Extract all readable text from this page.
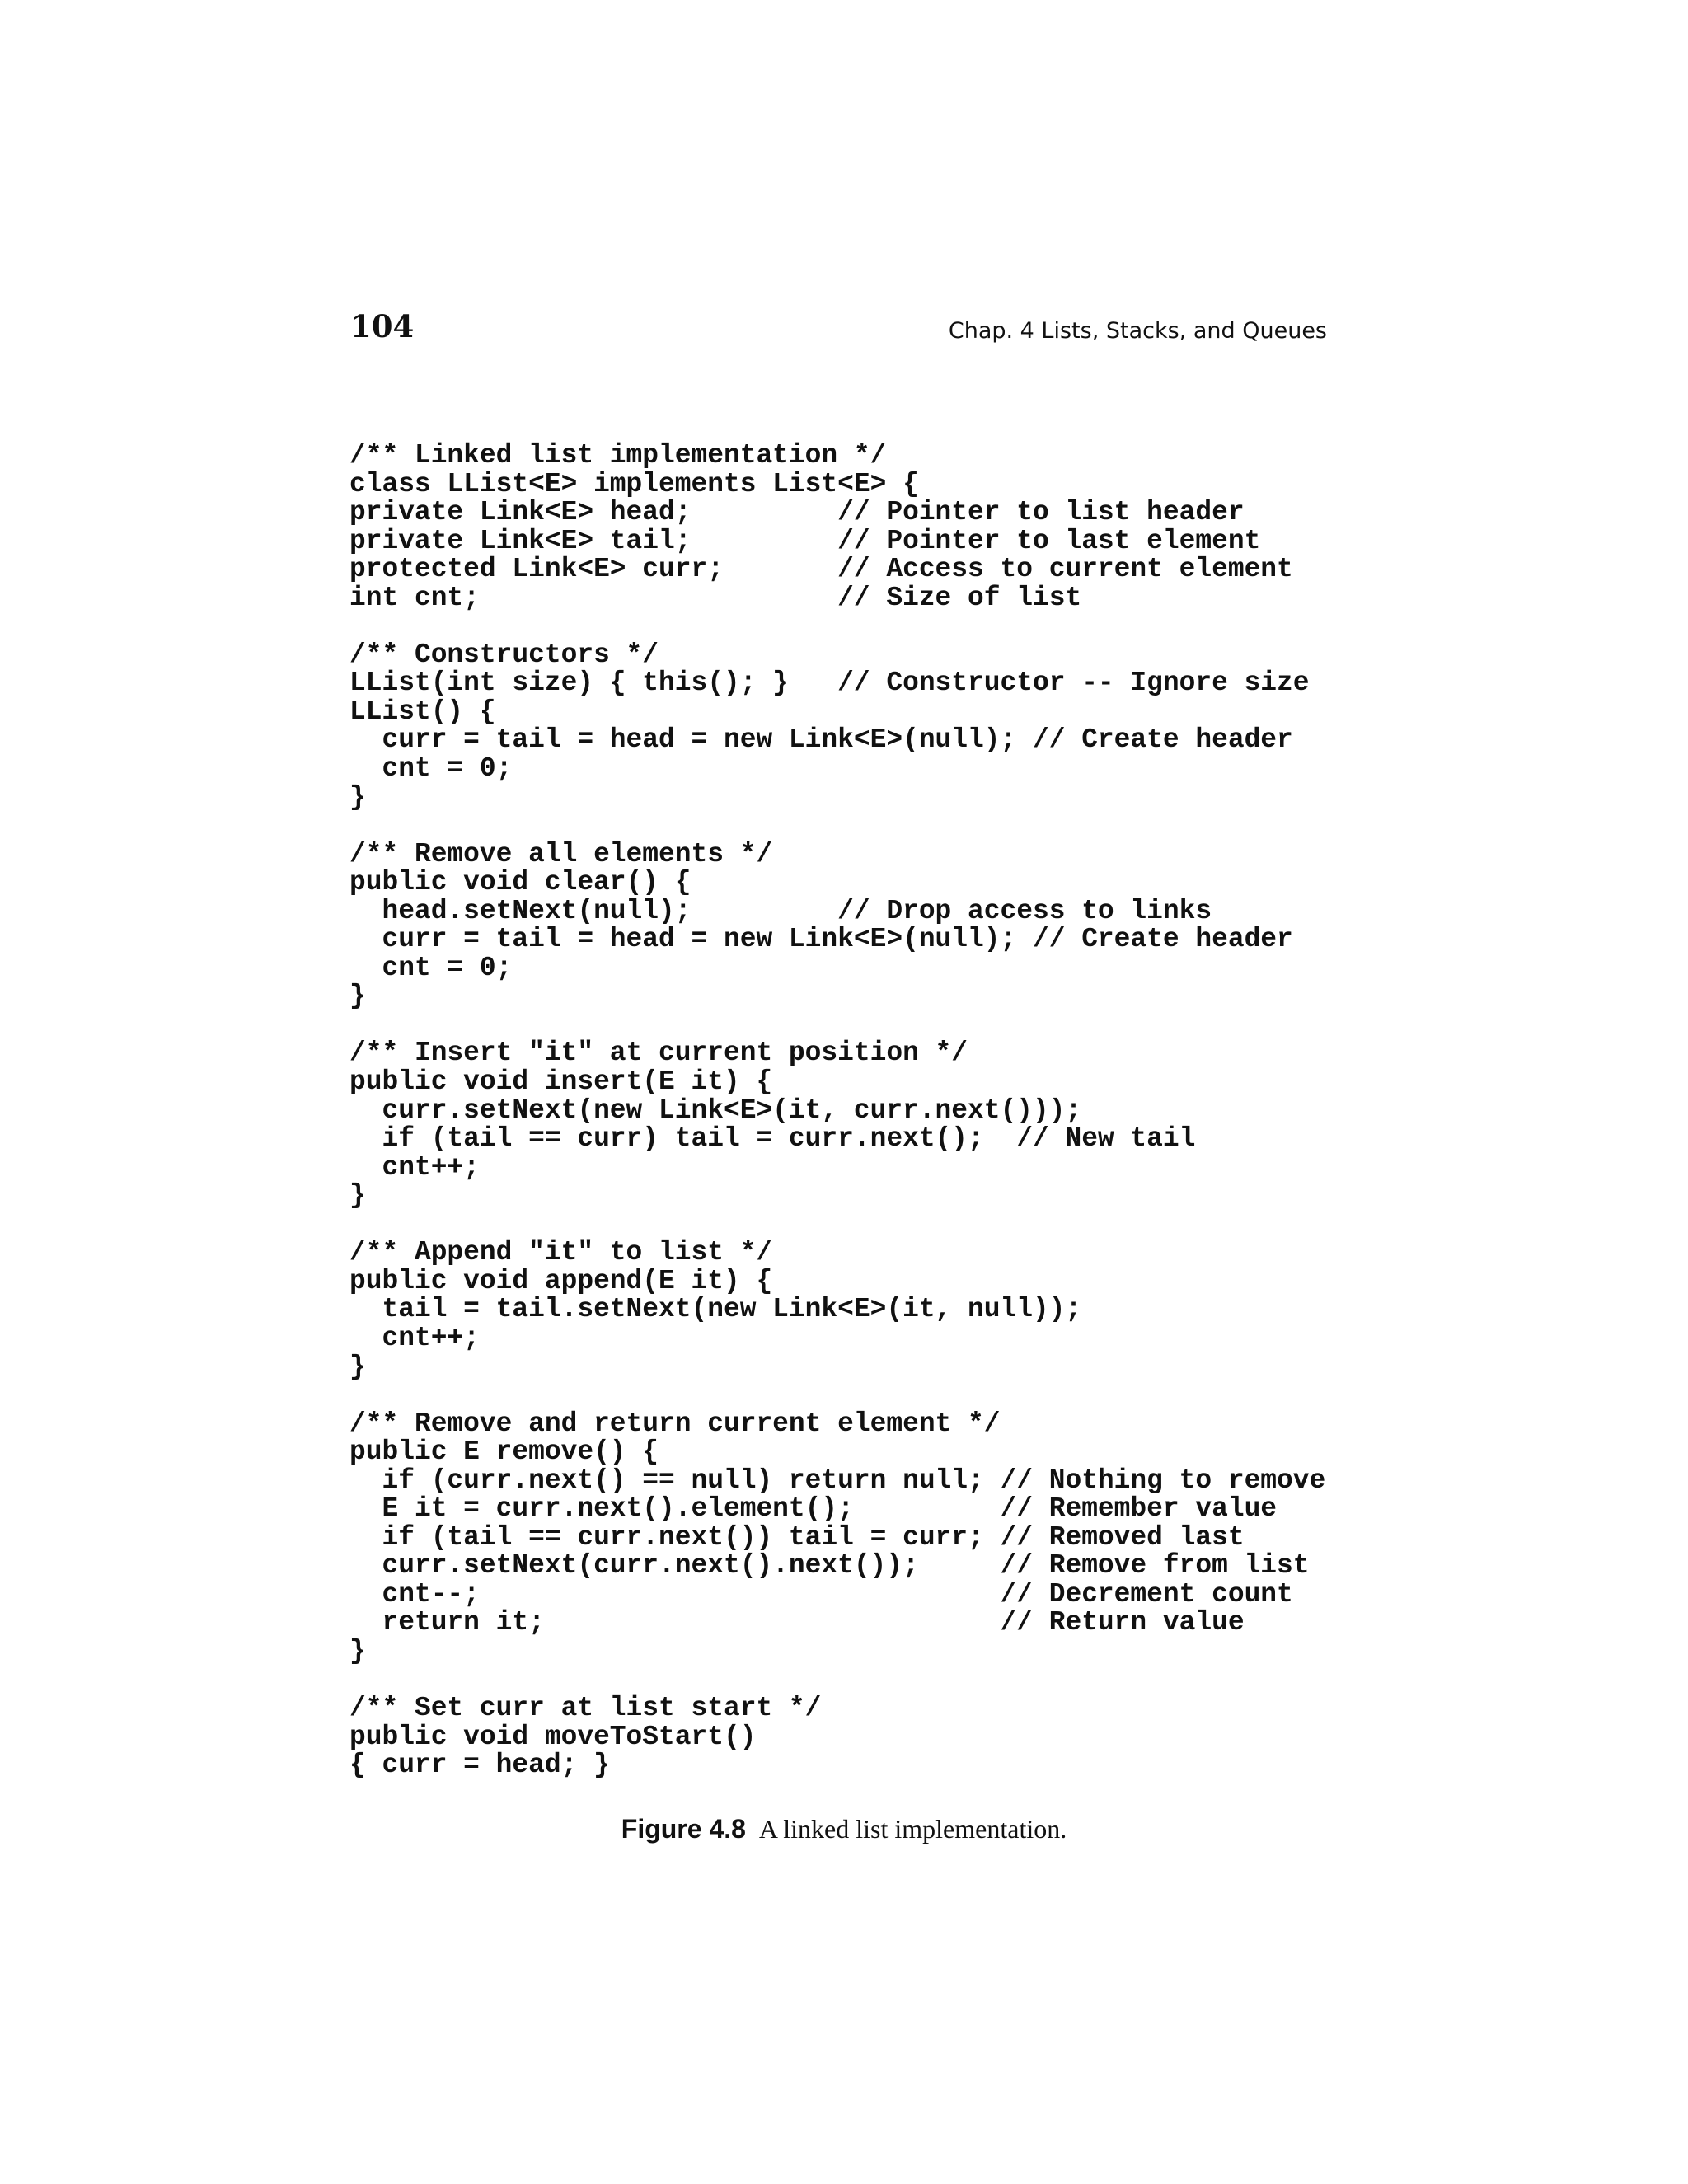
104	Chap. 4 Lists, Stacks, and Queues
/** Linked list implementation */
class LList<E> implements List<E> {
private Link<E> head;         // Pointer to list header
private Link<E> tail;         // Pointer to last element
protected Link<E> curr;       // Access to current element
int cnt;                      // Size of list
/** Constructors */
LList(int size) { this(); }   // Constructor -- Ignore size
LList() {
curr = tail = head = new Link<E>(null); // Create header
cnt = 0;
}
/** Remove all elements */
public void clear() {
head.setNext(null);         // Drop access to links
curr = tail = head = new Link<E>(null); // Create header
cnt = 0;
}
/** Insert "it" at current position */
public void insert(E it) {
curr.setNext(new Link<E>(it, curr.next()));
if (tail == curr) tail = curr.next();  // New tail
cnt++;
}
/** Append "it" to list */
public void append(E it) {
tail = tail.setNext(new Link<E>(it, null));
cnt++;
}
/** Remove and return current element */
public E remove() {
if (curr.next() == null) return null; // Nothing to remove
E it = curr.next().element();         // Remember value
if (tail == curr.next()) tail = curr; // Removed last
curr.setNext(curr.next().next());     // Remove from list
cnt--;                                // Decrement count
return it;                            // Return value
}
/** Set curr at list start */
public void moveToStart()
{ curr = head; }
Figure 4.8 A linked list implementation.
